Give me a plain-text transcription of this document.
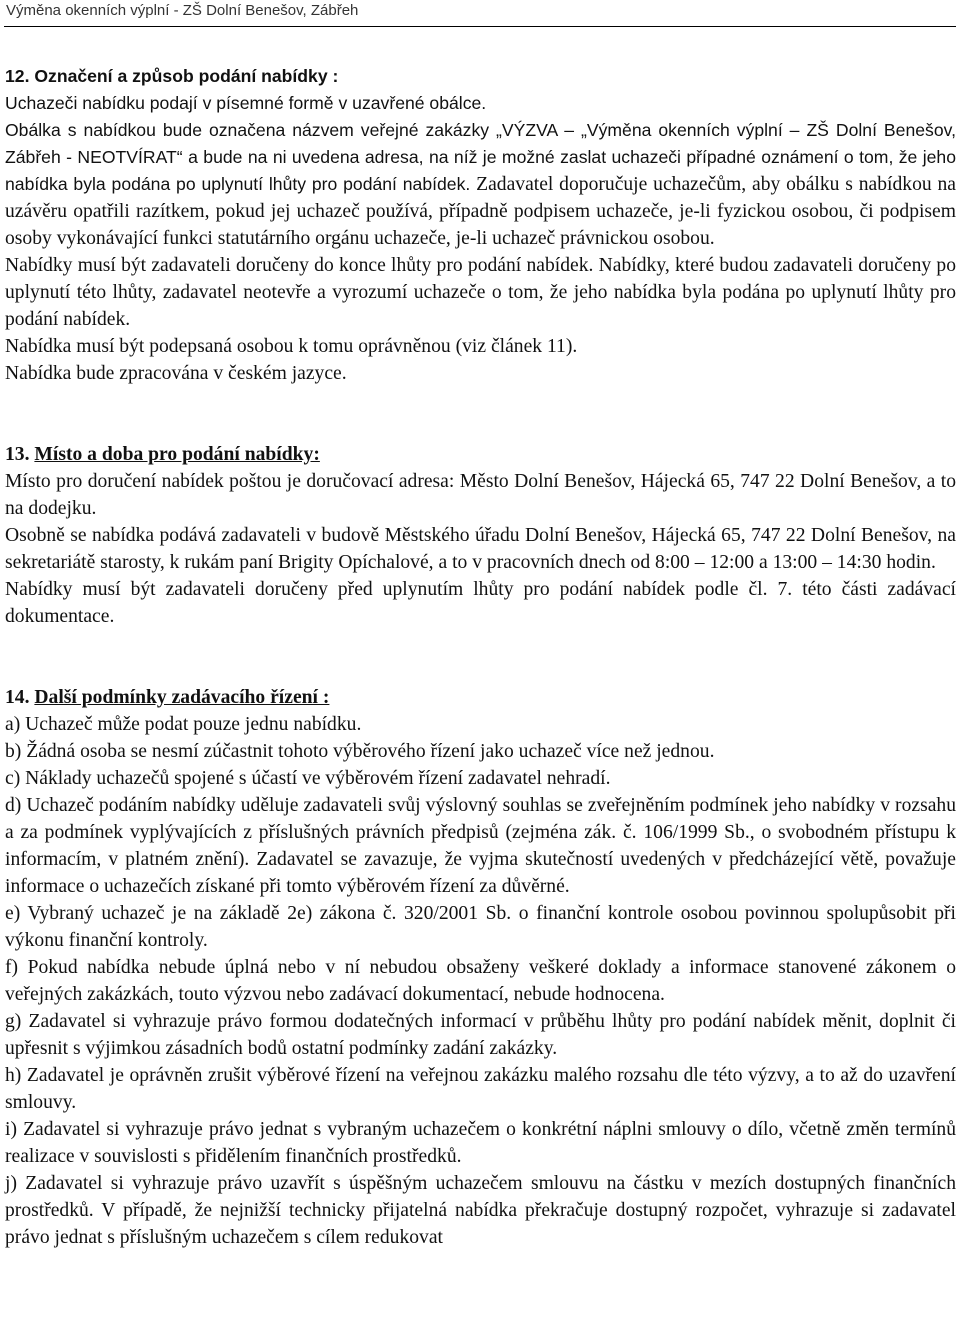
Výměna okenních výplní - ZŠ Dolní Benešov, Zábřeh

12. Označení a způsob podání nabídky :

Uchazeči nabídku podají v písemné formě v uzavřené obálce.

Obálka s nabídkou bude označena názvem veřejné zakázky „VÝZVA – „Výměna okenních výplní – ZŠ Dolní Benešov, Zábřeh - NEOTVÍRAT“ a bude na ni uvedena adresa, na níž je možné zaslat uchazeči případné oznámení o tom, že jeho nabídka byla podána po uplynutí lhůty pro podání nabídek. Zadavatel doporučuje uchazečům, aby obálku s nabídkou na uzávěru opatřili razítkem, pokud jej uchazeč používá, případně podpisem uchazeče, je-li fyzickou osobou, či podpisem osoby vykonávající funkci statutárního orgánu uchazeče, je-li uchazeč právnickou osobou.

Nabídky musí být zadavateli doručeny do konce lhůty pro podání nabídek. Nabídky, které budou zadavateli doručeny po uplynutí této lhůty, zadavatel neotevře a vyrozumí uchazeče o tom, že jeho nabídka byla podána po uplynutí lhůty pro podání nabídek.

Nabídka musí být podepsaná osobou k tomu oprávněnou (viz článek 11).

Nabídka bude zpracována v českém jazyce.

13. Místo a doba pro podání nabídky:

Místo pro doručení nabídek poštou je doručovací adresa: Město Dolní Benešov, Hájecká 65, 747 22 Dolní Benešov, a to na dodejku.

Osobně se nabídka podává zadavateli v budově Městského úřadu Dolní Benešov, Hájecká 65, 747 22 Dolní Benešov, na sekretariátě starosty, k rukám paní Brigity Opíchalové, a to v pracovních dnech od 8:00 – 12:00 a 13:00 – 14:30 hodin.

Nabídky musí být zadavateli doručeny před uplynutím lhůty pro podání nabídek podle čl. 7. této části zadávací dokumentace.

14. Další podmínky zadávacího řízení :

a) Uchazeč může podat pouze jednu nabídku.

b) Žádná osoba se nesmí zúčastnit tohoto výběrového řízení jako uchazeč více než jednou.

c) Náklady uchazečů spojené s účastí ve výběrovém řízení zadavatel nehradí.

d) Uchazeč podáním nabídky uděluje zadavateli svůj výslovný souhlas se zveřejněním podmínek jeho nabídky v rozsahu a za podmínek vyplývajících z příslušných právních předpisů (zejména zák. č. 106/1999 Sb., o svobodném přístupu k informacím, v platném znění). Zadavatel se zavazuje, že vyjma skutečností uvedených v předcházející větě, považuje informace o uchazečích získané při tomto výběrovém řízení za důvěrné.

e) Vybraný uchazeč je na základě 2e) zákona č. 320/2001 Sb. o finanční kontrole osobou povinnou spolupůsobit při výkonu finanční kontroly.

f) Pokud nabídka nebude úplná nebo v ní nebudou obsaženy veškeré doklady a informace stanovené zákonem o veřejných zakázkách, touto výzvou nebo zadávací dokumentací, nebude hodnocena.

g) Zadavatel si vyhrazuje právo formou dodatečných informací v průběhu lhůty pro podání nabídek měnit, doplnit či upřesnit s výjimkou zásadních bodů ostatní podmínky zadání zakázky.

h) Zadavatel je oprávněn zrušit výběrové řízení na veřejnou zakázku malého rozsahu dle této výzvy, a to až do uzavření smlouvy.

i) Zadavatel si vyhrazuje právo jednat s vybraným uchazečem o konkrétní náplni smlouvy o dílo, včetně změn termínů realizace v souvislosti s přidělením finančních prostředků.

j) Zadavatel si vyhrazuje právo uzavřít s úspěšným uchazečem smlouvu na částku v mezích dostupných finančních prostředků. V případě, že nejnižší technicky přijatelná nabídka překračuje dostupný rozpočet, vyhrazuje si zadavatel právo jednat s příslušným uchazečem s cílem redukovat
